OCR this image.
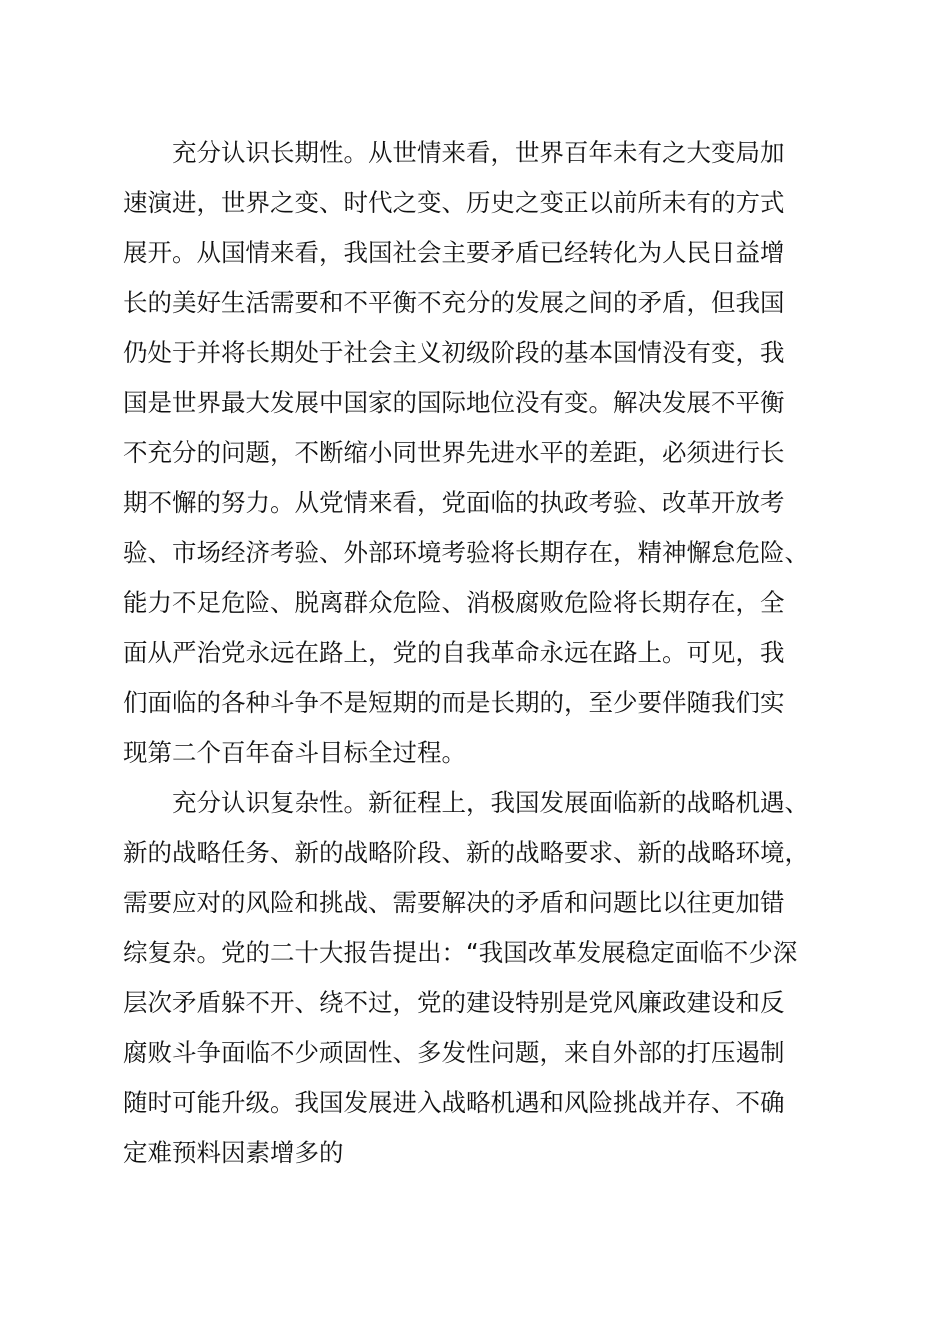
充分认识长期性。从世情来看，世界百年未有之大变局加
速演进，世界之变、时代之变、历史之变正以前所未有的方式
展开。从国情来看，我国社会主要矛盾已经转化为人民日益增
长的美好生活需要和不平衡不充分的发展之间的矛盾，但我国
仍处于并将长期处于社会主义初级阶段的基本国情没有变，我
国是世界最大发展中国家的国际地位没有变。解决发展不平衡
不充分的问题，不断缩小同世界先进水平的差距，必须进行长
期不懈的努力。从党情来看，党面临的执政考验、改革开放考
验、市场经济考验、外部环境考验将长期存在，精神懈怠危险、
能力不足危险、脱离群众危险、消极腐败危险将长期存在，全
面从严治党永远在路上，党的自我革命永远在路上。可见，我
们面临的各种斗争不是短期的而是长期的，至少要伴随我们实
现第二个百年奋斗目标全过程。
充分认识复杂性。新征程上，我国发展面临新的战略机遇、
新的战略任务、新的战略阶段、新的战略要求、新的战略环境，
需要应对的风险和挑战、需要解决的矛盾和问题比以往更加错
综复杂。党的二十大报告提出：“我国改革发展稳定面临不少深
层次矛盾躲不开、绕不过，党的建设特别是党风廉政建设和反
腐败斗争面临不少顽固性、多发性问题，来自外部的打压遏制
随时可能升级。我国发展进入战略机遇和风险挑战并存、不确
定难预料因素增多的
